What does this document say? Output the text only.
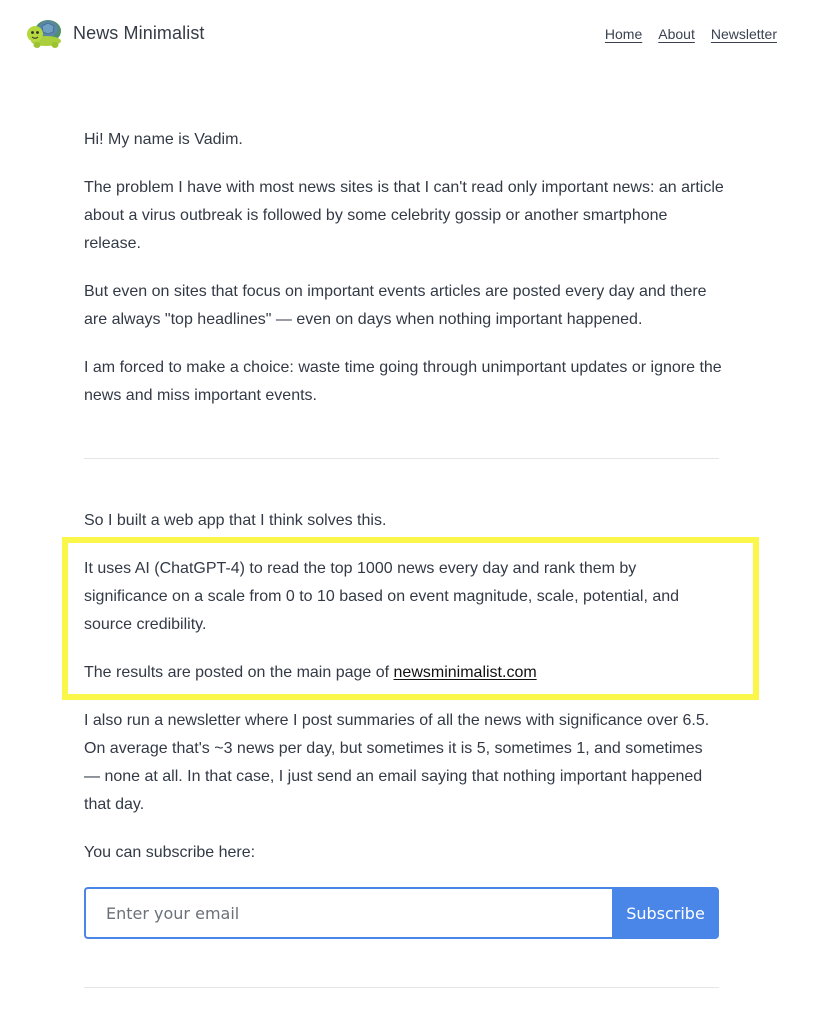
News Minimalist	Home About Newsletter

Hi! My name is Vadim.

The problem I have with most news sites is that I can't read only important news: an article about a virus outbreak is followed by some celebrity gossip or another smartphone release.

But even on sites that focus on important events articles are posted every day and there are always "top headlines" — even on days when nothing important happened.

I am forced to make a choice: waste time going through unimportant updates or ignore the news and miss important events.

So I built a web app that I think solves this.

It uses AI (ChatGPT-4) to read the top 1000 news every day and rank them by significance on a scale from 0 to 10 based on event magnitude, scale, potential, and source credibility.

The results are posted on the main page of newsminimalist.com

I also run a newsletter where I post summaries of all the news with significance over 6.5. On average that's ~3 news per day, but sometimes it is 5, sometimes 1, and sometimes — none at all. In that case, I just send an email saying that nothing important happened that day.

You can subscribe here:

Enter your email
Subscribe
